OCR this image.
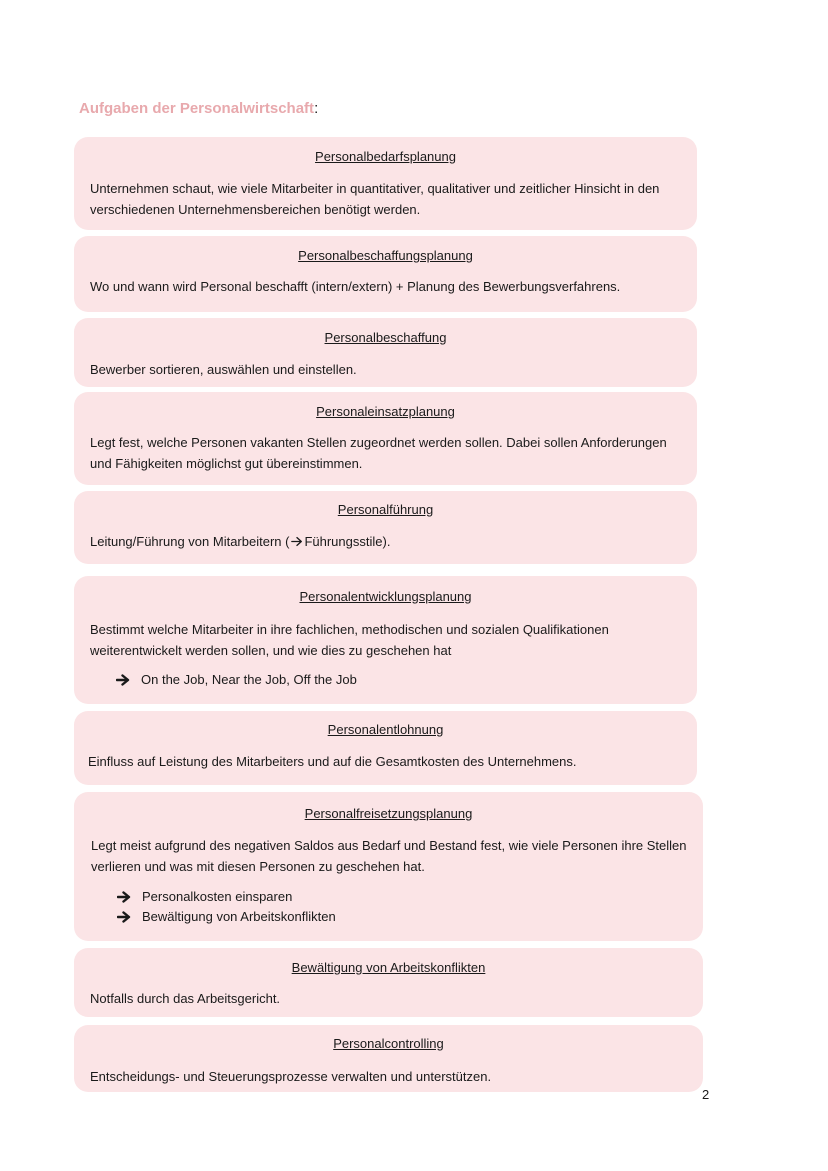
Aufgaben der Personalwirtschaft:

Personalbedarfsplanung

Unternehmen schaut, wie viele Mitarbeiter in quantitativer, qualitativer und zeitlicher Hinsicht in den verschiedenen Unternehmensbereichen benötigt werden.

Personalbeschaffungsplanung

Wo und wann wird Personal beschafft (intern/extern) + Planung des Bewerbungsverfahrens.

Personalbeschaffung

Bewerber sortieren, auswählen und einstellen.

Personaleinsatzplanung

Legt fest, welche Personen vakanten Stellen zugeordnet werden sollen. Dabei sollen Anforderungen und Fähigkeiten möglichst gut übereinstimmen.

Personalführung

Leitung/Führung von Mitarbeitern ( Führungsstile).

Personalentwicklungsplanung

Bestimmt welche Mitarbeiter in ihre fachlichen, methodischen und sozialen Qualifikationen weiterentwickelt werden sollen, und wie dies zu geschehen hat

On the Job, Near the Job, Off the Job

Personalentlohnung

Einfluss auf Leistung des Mitarbeiters und auf die Gesamtkosten des Unternehmens.

Personalfreisetzungsplanung

Legt meist aufgrund des negativen Saldos aus Bedarf und Bestand fest, wie viele Personen ihre Stellen verlieren und was mit diesen Personen zu geschehen hat.

Personalkosten einsparen
Bewältigung von Arbeitskonflikten

Bewältigung von Arbeitskonflikten

Notfalls durch das Arbeitsgericht.

Personalcontrolling

Entscheidungs- und Steuerungsprozesse verwalten und unterstützen.

2
